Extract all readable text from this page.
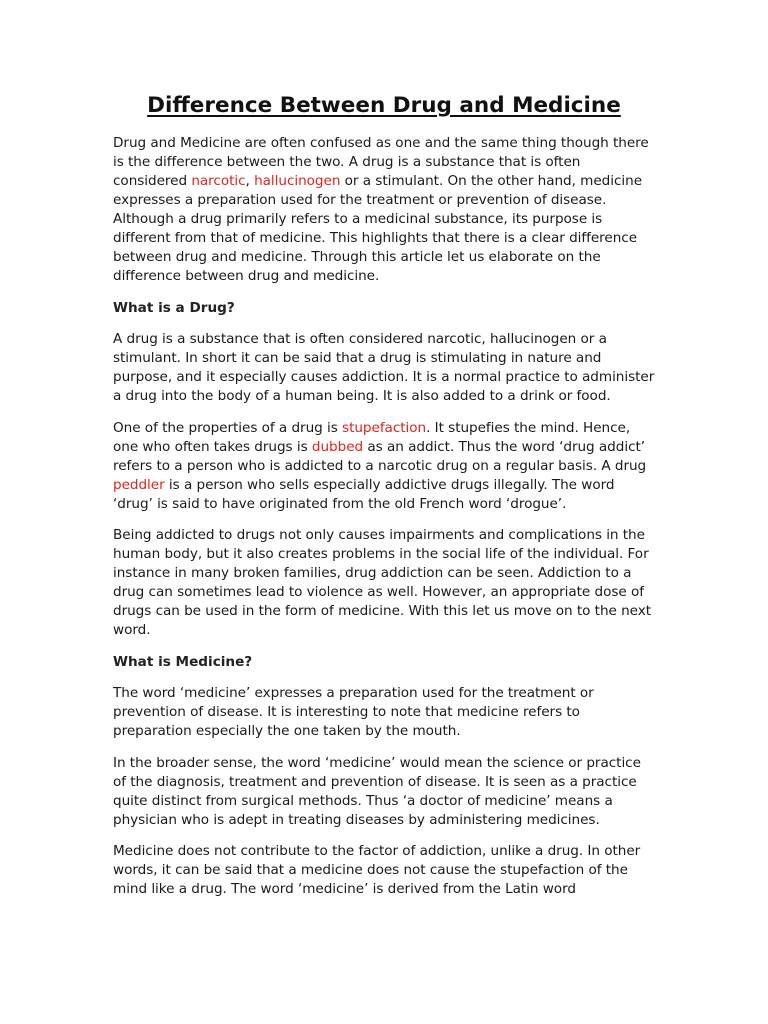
Difference Between Drug and Medicine

Drug and Medicine are often confused as one and the same thing though there is the difference between the two. A drug is a substance that is often considered narcotic, hallucinogen or a stimulant. On the other hand, medicine expresses a preparation used for the treatment or prevention of disease. Although a drug primarily refers to a medicinal substance, its purpose is different from that of medicine. This highlights that there is a clear difference between drug and medicine. Through this article let us elaborate on the difference between drug and medicine.

What is a Drug?

A drug is a substance that is often considered narcotic, hallucinogen or a stimulant. In short it can be said that a drug is stimulating in nature and purpose, and it especially causes addiction. It is a normal practice to administer a drug into the body of a human being. It is also added to a drink or food.

One of the properties of a drug is stupefaction. It stupefies the mind. Hence, one who often takes drugs is dubbed as an addict. Thus the word ‘drug addict’ refers to a person who is addicted to a narcotic drug on a regular basis. A drug peddler is a person who sells especially addictive drugs illegally. The word ‘drug’ is said to have originated from the old French word ‘drogue’.

Being addicted to drugs not only causes impairments and complications in the human body, but it also creates problems in the social life of the individual. For instance in many broken families, drug addiction can be seen. Addiction to a drug can sometimes lead to violence as well. However, an appropriate dose of drugs can be used in the form of medicine. With this let us move on to the next word.

What is Medicine?

The word ‘medicine’ expresses a preparation used for the treatment or prevention of disease. It is interesting to note that medicine refers to preparation especially the one taken by the mouth.

In the broader sense, the word ‘medicine’ would mean the science or practice of the diagnosis, treatment and prevention of disease. It is seen as a practice quite distinct from surgical methods. Thus ‘a doctor of medicine’ means a physician who is adept in treating diseases by administering medicines.

Medicine does not contribute to the factor of addiction, unlike a drug. In other words, it can be said that a medicine does not cause the stupefaction of the mind like a drug. The word ‘medicine’ is derived from the Latin word
